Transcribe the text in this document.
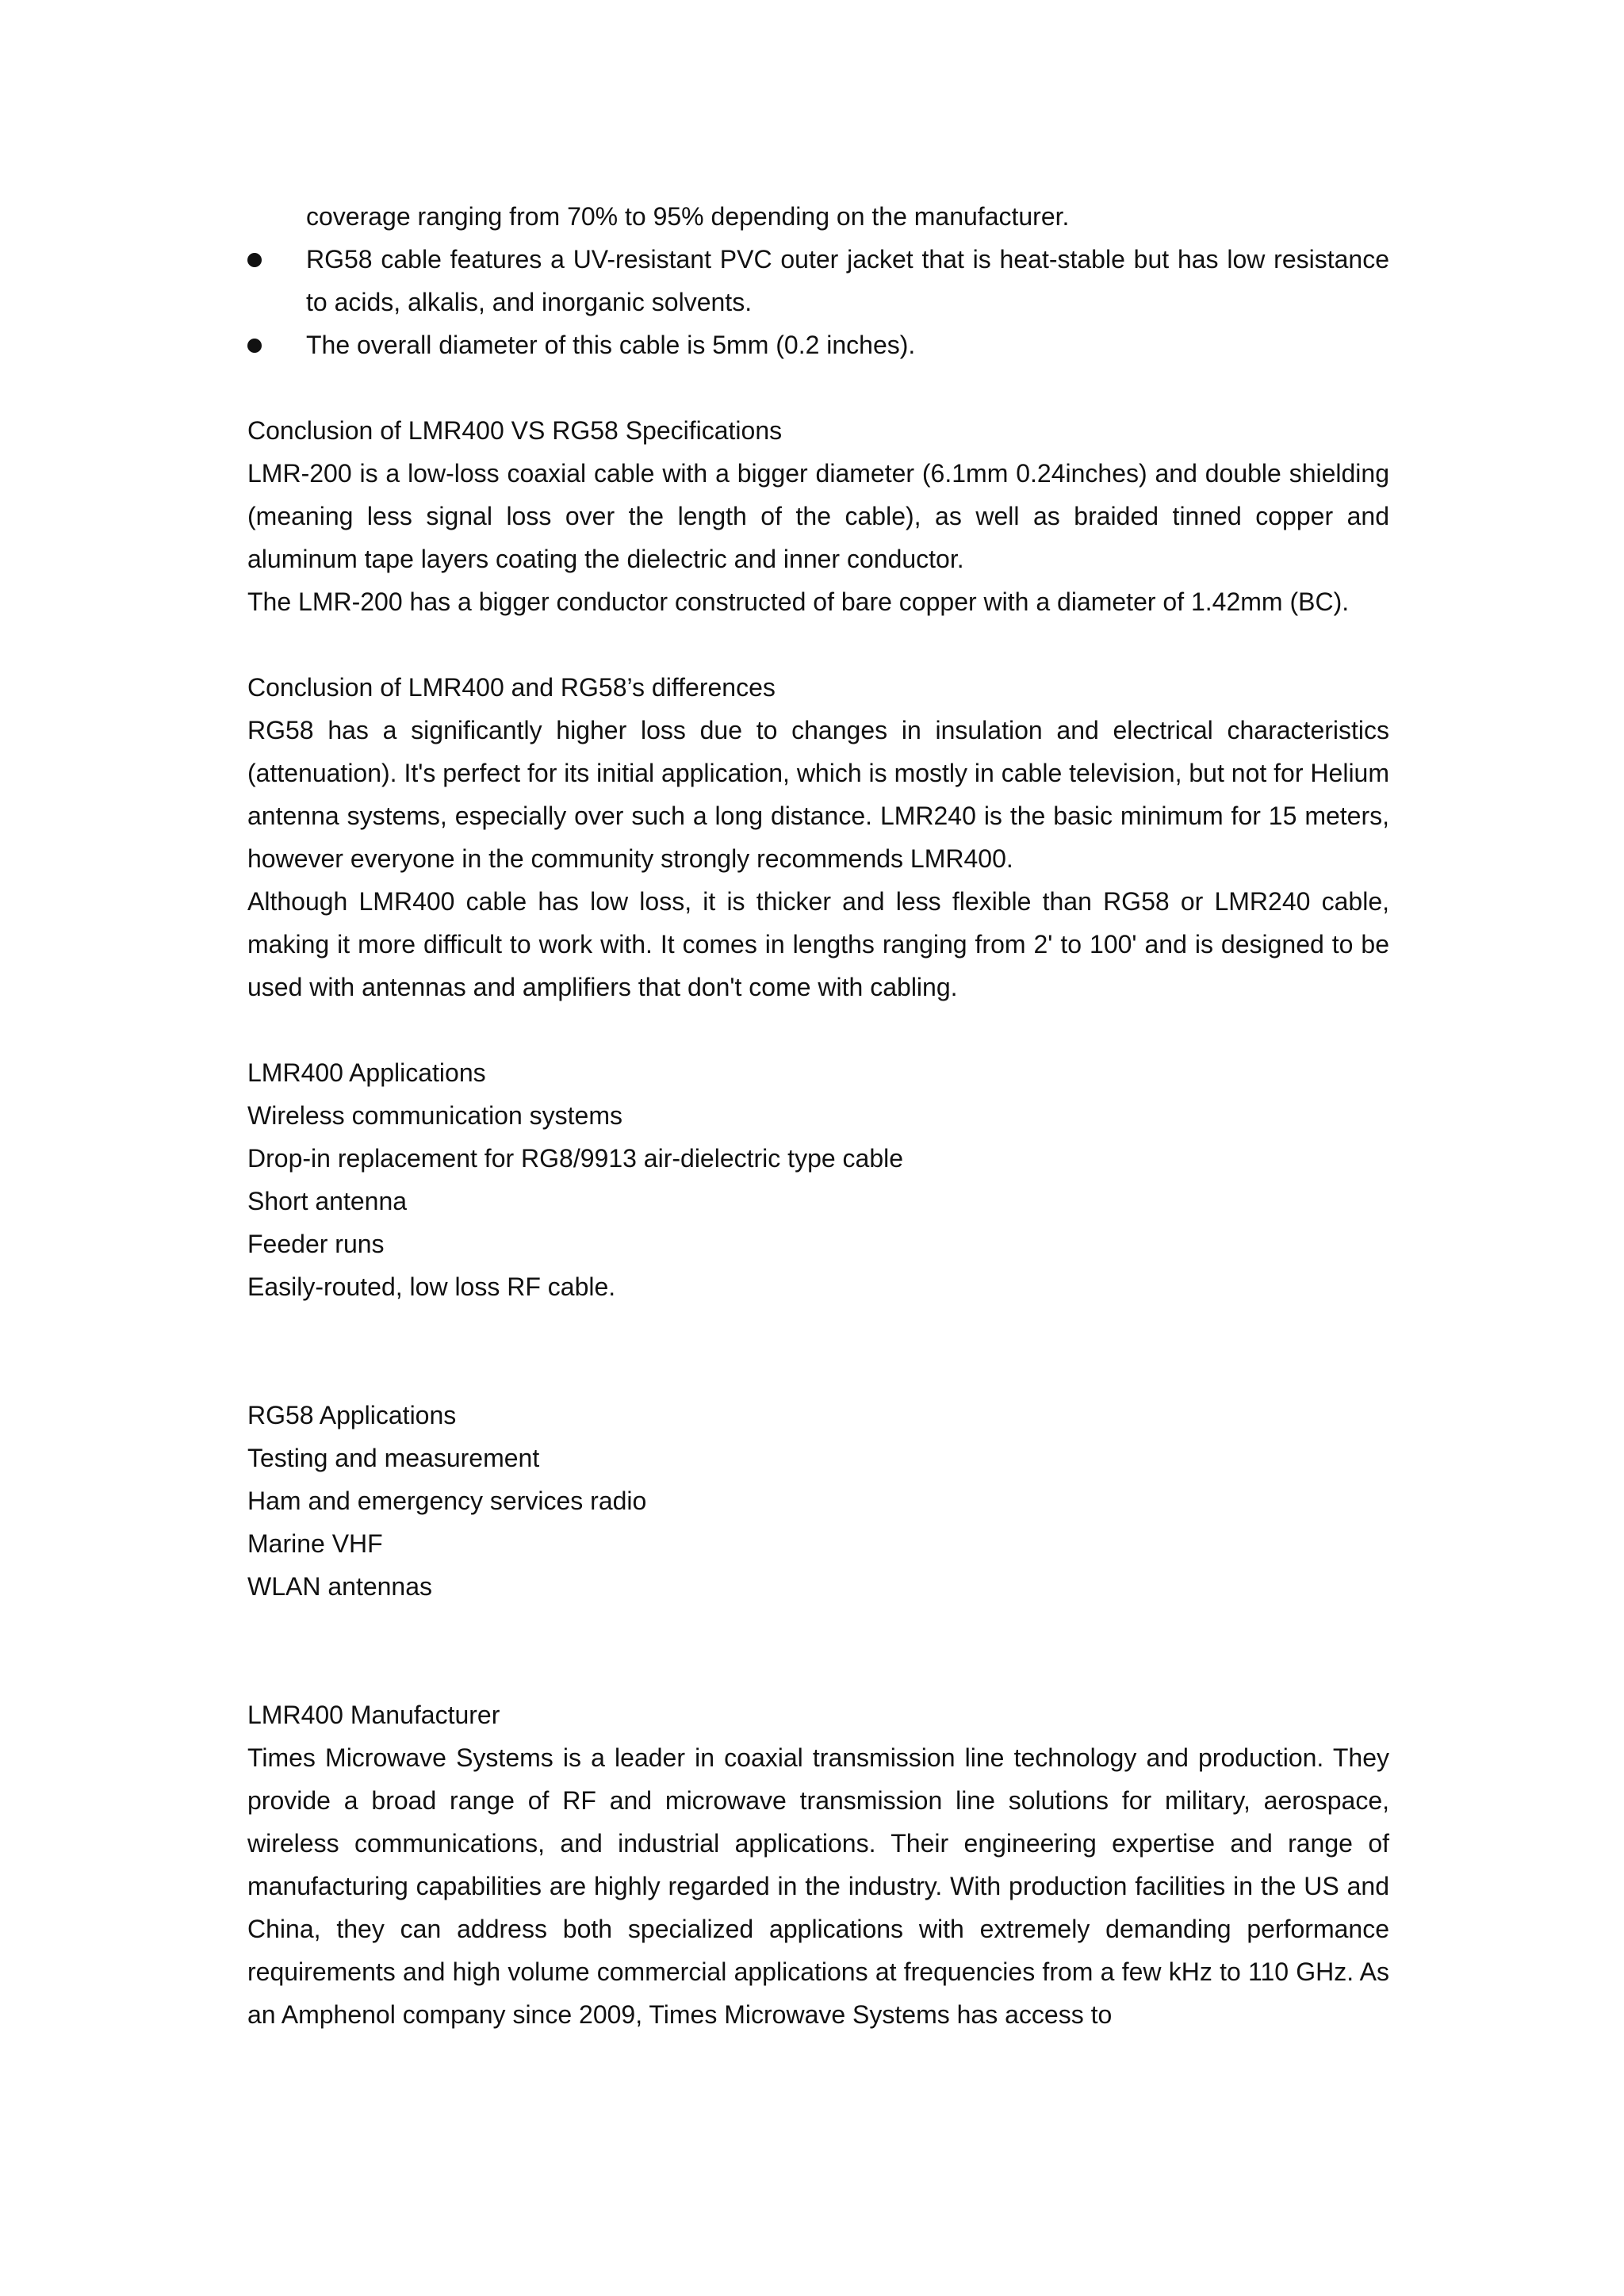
coverage ranging from 70% to 95% depending on the manufacturer.

RG58 cable features a UV-resistant PVC outer jacket that is heat-stable but has low resistance to acids, alkalis, and inorganic solvents.
The overall diameter of this cable is 5mm (0.2 inches).

Conclusion of LMR400 VS RG58 Specifications

LMR-200 is a low-loss coaxial cable with a bigger diameter (6.1mm 0.24inches) and double shielding (meaning less signal loss over the length of the cable), as well as braided tinned copper and aluminum tape layers coating the dielectric and inner conductor.

The LMR-200 has a bigger conductor constructed of bare copper with a diameter of 1.42mm (BC).

Conclusion of LMR400 and RG58’s differences

RG58 has a significantly higher loss due to changes in insulation and electrical characteristics (attenuation). It's perfect for its initial application, which is mostly in cable television, but not for Helium antenna systems, especially over such a long distance. LMR240 is the basic minimum for 15 meters, however everyone in the community strongly recommends LMR400.

Although LMR400 cable has low loss, it is thicker and less flexible than RG58 or LMR240 cable, making it more difficult to work with. It comes in lengths ranging from 2' to 100' and is designed to be used with antennas and amplifiers that don't come with cabling.

LMR400 Applications

Wireless communication systems

Drop-in replacement for RG8/9913 air-dielectric type cable

Short antenna

Feeder runs

Easily-routed, low loss RF cable.

RG58 Applications

Testing and measurement

Ham and emergency services radio

Marine VHF

WLAN antennas

LMR400 Manufacturer

Times Microwave Systems is a leader in coaxial transmission line technology and production. They provide a broad range of RF and microwave transmission line solutions for military, aerospace, wireless communications, and industrial applications. Their engineering expertise and range of manufacturing capabilities are highly regarded in the industry. With production facilities in the US and China, they can address both specialized applications with extremely demanding performance requirements and high volume commercial applications at frequencies from a few kHz to 110 GHz. As an Amphenol company since 2009, Times Microwave Systems has access to
